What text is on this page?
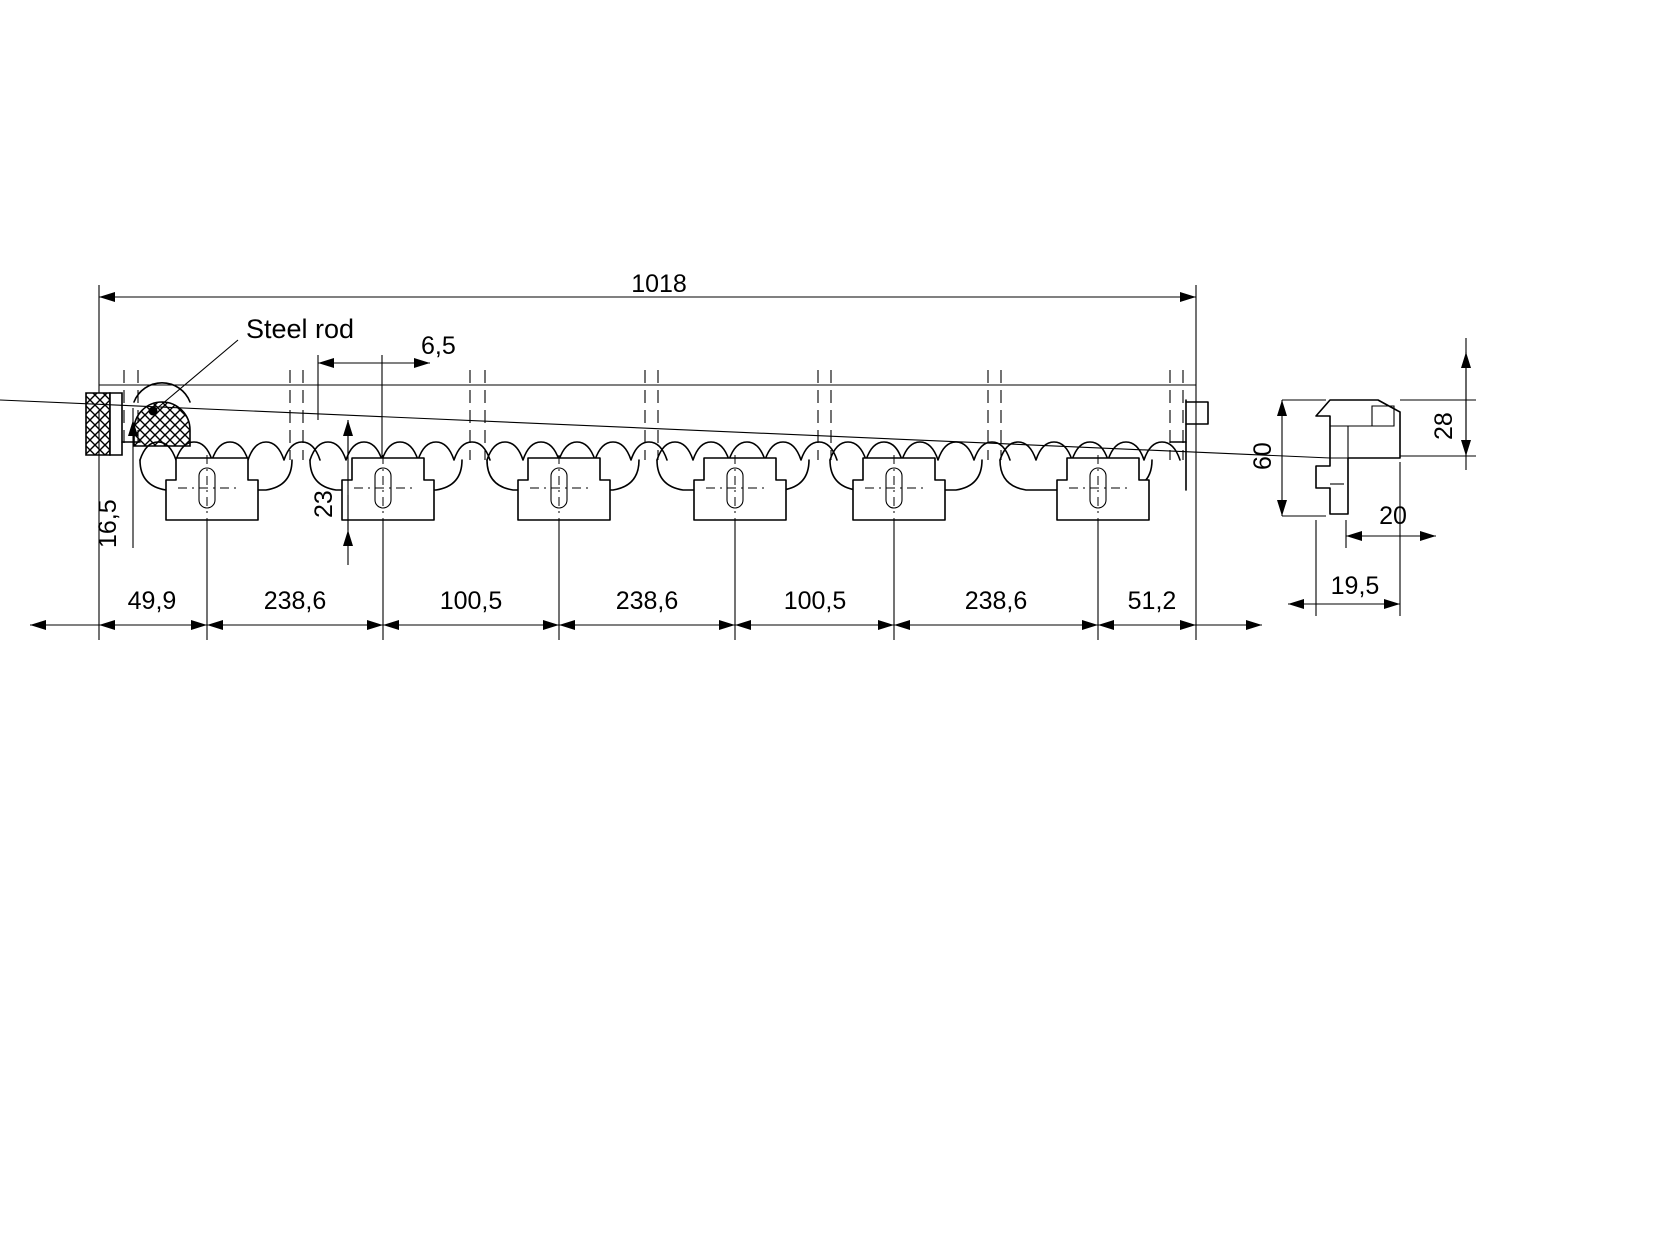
Steel rod
6,5
16,5	23
49,9	238,6	100,5	238,6	100,5	238,6	51,2
1018
60
28
20
19,5
